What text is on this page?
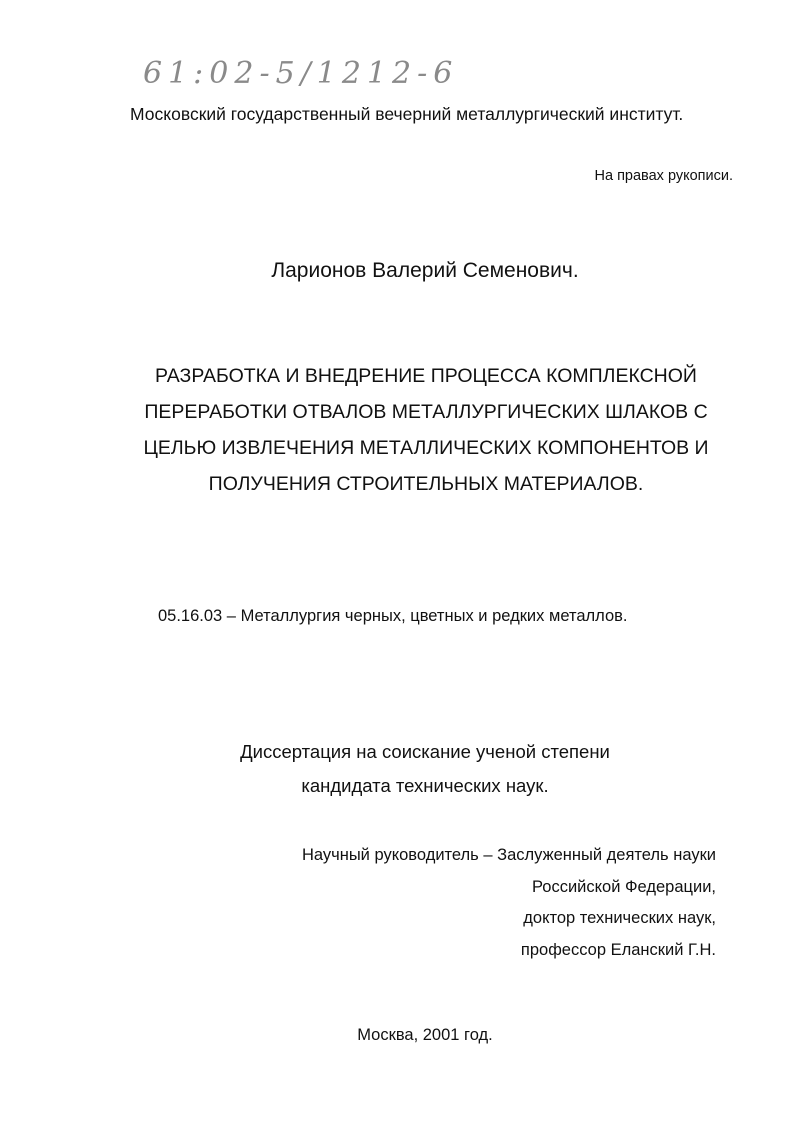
61:02-5/1212-6
Московский государственный вечерний металлургический институт.
На правах рукописи.
Ларионов Валерий Семенович.
РАЗРАБОТКА И ВНЕДРЕНИЕ ПРОЦЕССА КОМПЛЕКСНОЙ
ПЕРЕРАБОТКИ ОТВАЛОВ МЕТАЛЛУРГИЧЕСКИХ ШЛАКОВ С
ЦЕЛЬЮ ИЗВЛЕЧЕНИЯ МЕТАЛЛИЧЕСКИХ КОМПОНЕНТОВ И
ПОЛУЧЕНИЯ СТРОИТЕЛЬНЫХ МАТЕРИАЛОВ.
05.16.03 – Металлургия черных, цветных и редких металлов.
Диссертация на соискание ученой степени
кандидата технических наук.
Научный руководитель – Заслуженный деятель науки
Российской Федерации,
доктор технических наук,
профессор Еланский Г.Н.
Москва, 2001 год.
